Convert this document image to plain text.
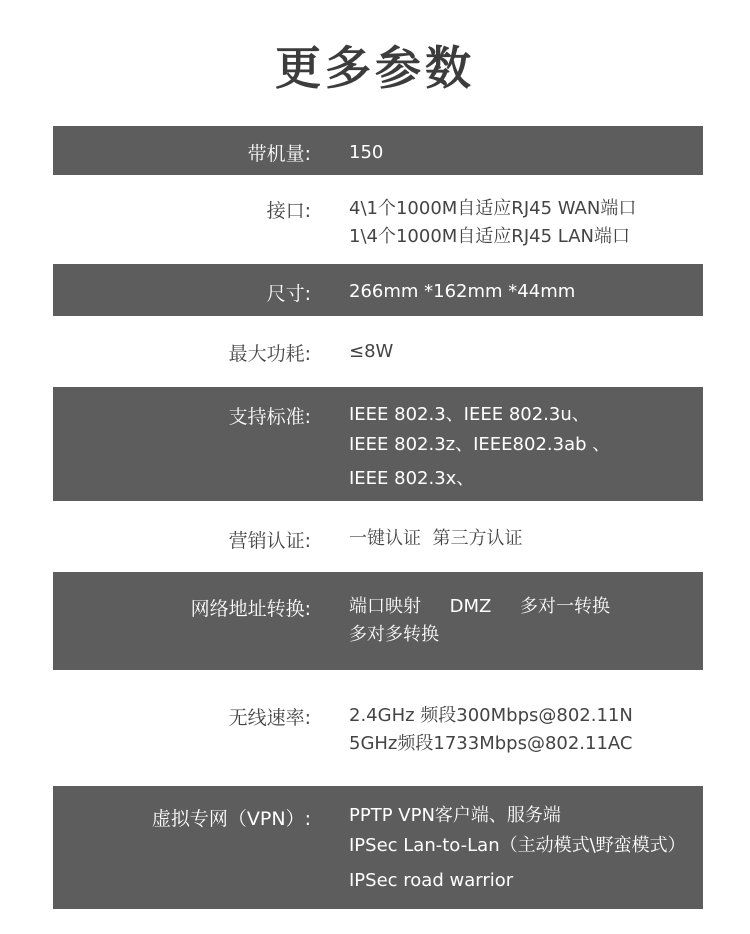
更多参数
带机量: 150
接口: 4\1个1000M自适应RJ45 WAN端口
1\4个1000M自适应RJ45 LAN端口
尺寸: 266mm *162mm *44mm
最大功耗: ≤8W
支持标准: IEEE 802.3、IEEE 802.3u、
IEEE 802.3z、IEEE802.3ab 、
IEEE 802.3x、
营销认证: 一键认证  第三方认证
网络地址转换: 端口映射     DMZ     多对一转换
多对多转换
无线速率: 2.4GHz 频段300Mbps@802.11N
5GHz频段1733Mbps@802.11AC
虚拟专网（VPN）: PPTP VPN客户端、服务端
IPSec Lan-to-Lan（主动模式\野蛮模式）
IPSec road warrior
